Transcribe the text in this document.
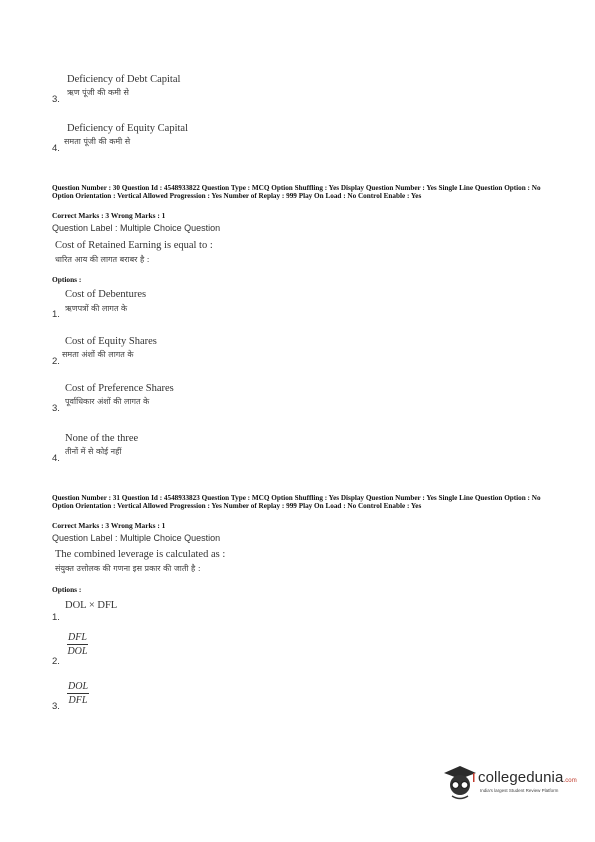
3.
Deficiency of Debt Capital
ऋण पूंजी की कमी से
4.
Deficiency of Equity Capital
समता पूंजी की कमी से
Question Number : 30 Question Id : 4548933822 Question Type : MCQ Option Shuffling : Yes Display Question Number : Yes Single Line Question Option : No Option Orientation : Vertical Allowed Progression : Yes Number of Replay : 999 Play On Load : No Control Enable : Yes
Correct Marks : 3 Wrong Marks : 1
Question Label : Multiple Choice Question
Cost of Retained Earning is equal to :
धारित आय की लागत बराबर है :
Options :
1.
Cost of Debentures
ऋणपत्रों की लागत के
2.
Cost of Equity Shares
समता अंशों की लागत के
3.
Cost of Preference Shares
पूर्वाधिकार अंशों की लागत के
4.
None of the three
तीनों में से कोई नहीं
Question Number : 31 Question Id : 4548933823 Question Type : MCQ Option Shuffling : Yes Display Question Number : Yes Single Line Question Option : No Option Orientation : Vertical Allowed Progression : Yes Number of Replay : 999 Play On Load : No Control Enable : Yes
Correct Marks : 3 Wrong Marks : 1
Question Label : Multiple Choice Question
The combined leverage is calculated as :
संयुक्त उत्तोलक की गणना इस प्रकार की जाती है :
Options :
1.
DOL × DFL
2.
DFL
DOL
3.
DOL
DFL
collegedunia.com
India's largest Student Review Platform
